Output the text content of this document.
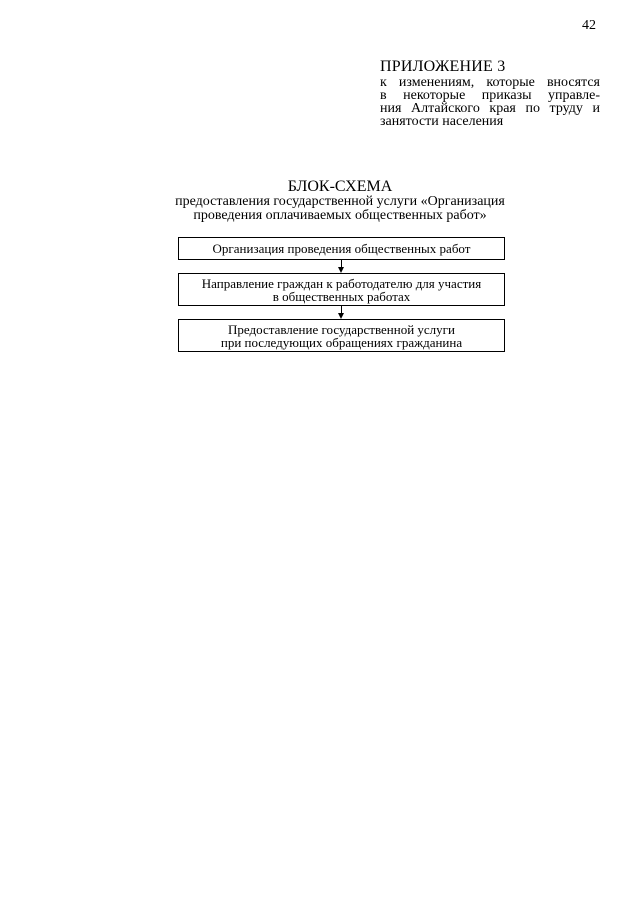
42
ПРИЛОЖЕНИЕ 3
к изменениям, которые вносятся
в некоторые приказы управле-
ния Алтайского края по труду и
занятости населения
БЛОК-СХЕМА
предоставления государственной услуги «Организация
проведения оплачиваемых общественных работ»
Организация проведения общественных работ
Направление граждан к работодателю для участия
в общественных работах
Предоставление государственной услуги
при последующих обращениях гражданина
